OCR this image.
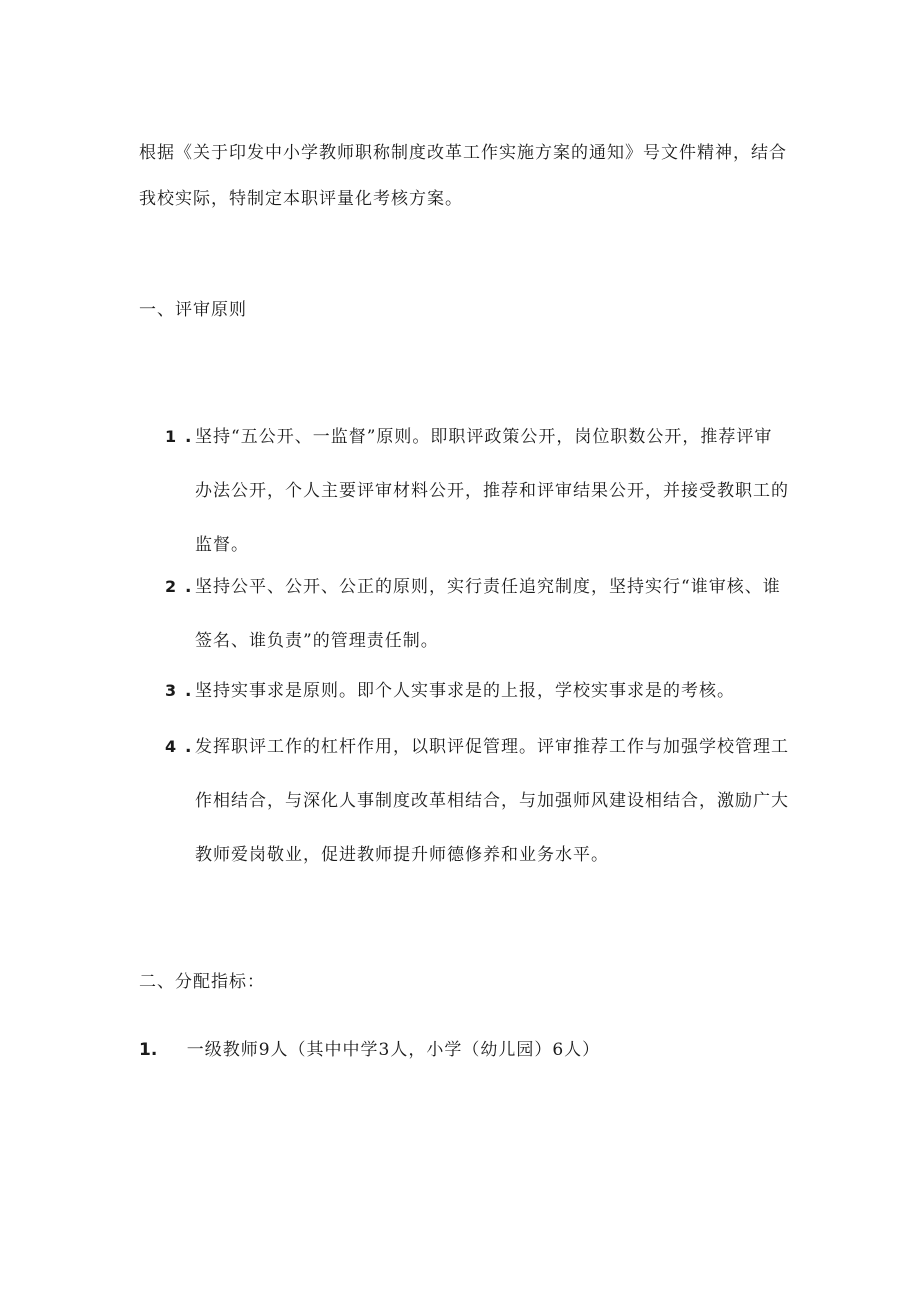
根据《关于印发中小学教师职称制度改革工作实施方案的通知》号文件精神，结合我校实际，特制定本职评量化考核方案。

一、评审原则
1 . 坚持“五公开、一监督”原则。即职评政策公开，岗位职数公开，推荐评审办法公开，个人主要评审材料公开，推荐和评审结果公开，并接受教职工的监督。
2 . 坚持公平、公开、公正的原则，实行责任追究制度，坚持实行“谁审核、谁签名、谁负责”的管理责任制。
3 . 坚持实事求是原则。即个人实事求是的上报，学校实事求是的考核。
4 . 发挥职评工作的杠杆作用，以职评促管理。评审推荐工作与加强学校管理工作相结合，与深化人事制度改革相结合，与加强师风建设相结合，激励广大教师爱岗敬业，促进教师提升师德修养和业务水平。
二、分配指标：
1. 一级教师9人（其中中学3人，小学（幼儿园）6人）
